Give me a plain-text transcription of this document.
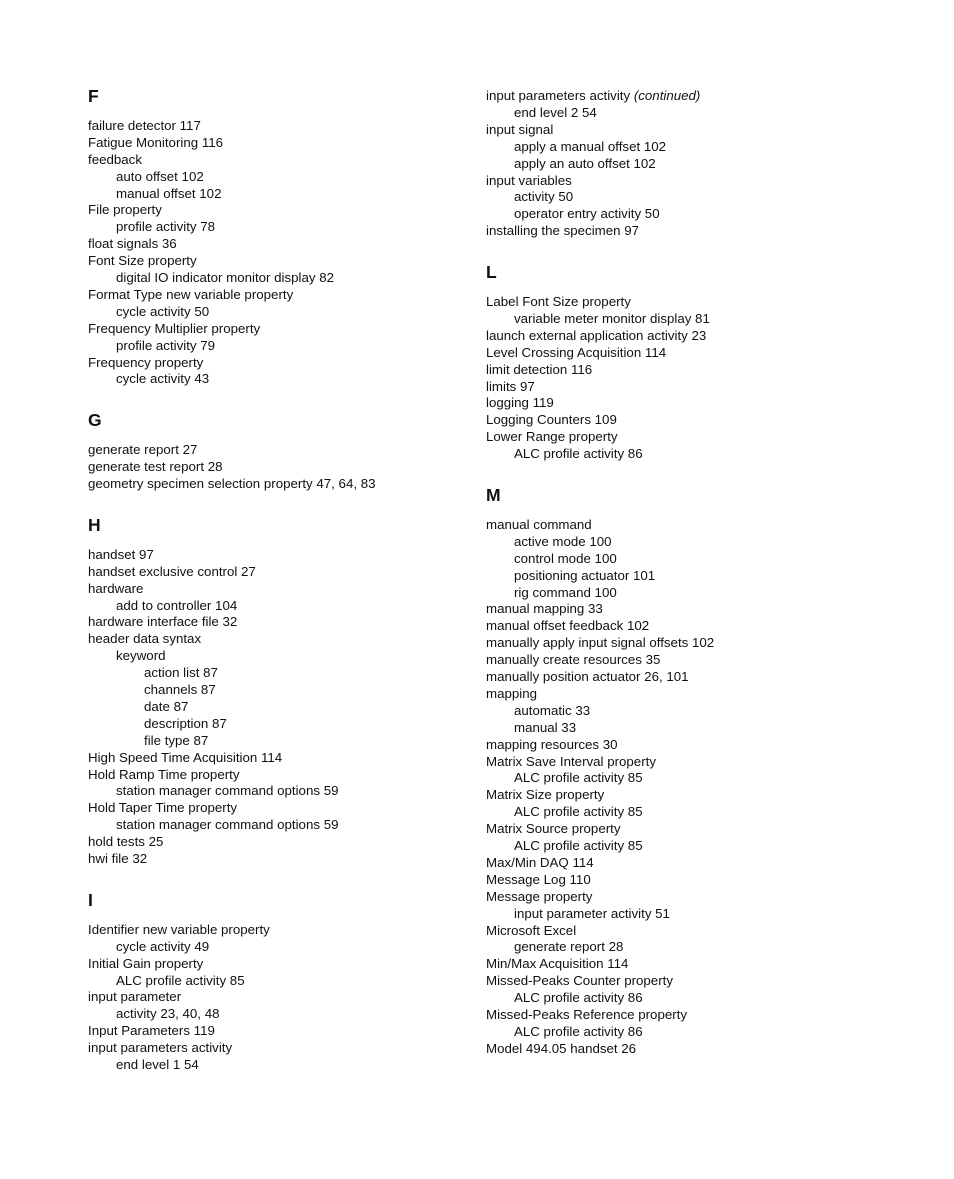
F
failure detector 117
Fatigue Monitoring 116
feedback
auto offset 102
manual offset 102
File property
profile activity 78
float signals 36
Font Size property
digital IO indicator monitor display 82
Format Type new variable property
cycle activity 50
Frequency Multiplier property
profile activity 79
Frequency property
cycle activity 43
G
generate report 27
generate test report 28
geometry specimen selection property 47, 64, 83
H
handset 97
handset exclusive control 27
hardware
add to controller 104
hardware interface file 32
header data syntax
keyword
action list 87
channels 87
date 87
description 87
file type 87
High Speed Time Acquisition 114
Hold Ramp Time property
station manager command options 59
Hold Taper Time property
station manager command options 59
hold tests 25
hwi file 32
I
Identifier new variable property
cycle activity 49
Initial Gain property
ALC profile activity 85
input parameter
activity 23, 40, 48
Input Parameters 119
input parameters activity
end level 1 54
input parameters activity (continued)
end level 2 54
input signal
apply a manual offset 102
apply an auto offset 102
input variables
activity 50
operator entry activity 50
installing the specimen 97
L
Label Font Size property
variable meter monitor display 81
launch external application activity 23
Level Crossing Acquisition 114
limit detection 116
limits 97
logging 119
Logging Counters 109
Lower Range property
ALC profile activity 86
M
manual command
active mode 100
control mode 100
positioning actuator 101
rig command 100
manual mapping 33
manual offset feedback 102
manually apply input signal offsets 102
manually create resources 35
manually position actuator 26, 101
mapping
automatic 33
manual 33
mapping resources 30
Matrix Save Interval property
ALC profile activity 85
Matrix Size property
ALC profile activity 85
Matrix Source property
ALC profile activity 85
Max/Min DAQ 114
Message Log 110
Message property
input parameter activity 51
Microsoft Excel
generate report 28
Min/Max Acquisition 114
Missed-Peaks Counter property
ALC profile activity 86
Missed-Peaks Reference property
ALC profile activity 86
Model 494.05 handset 26
